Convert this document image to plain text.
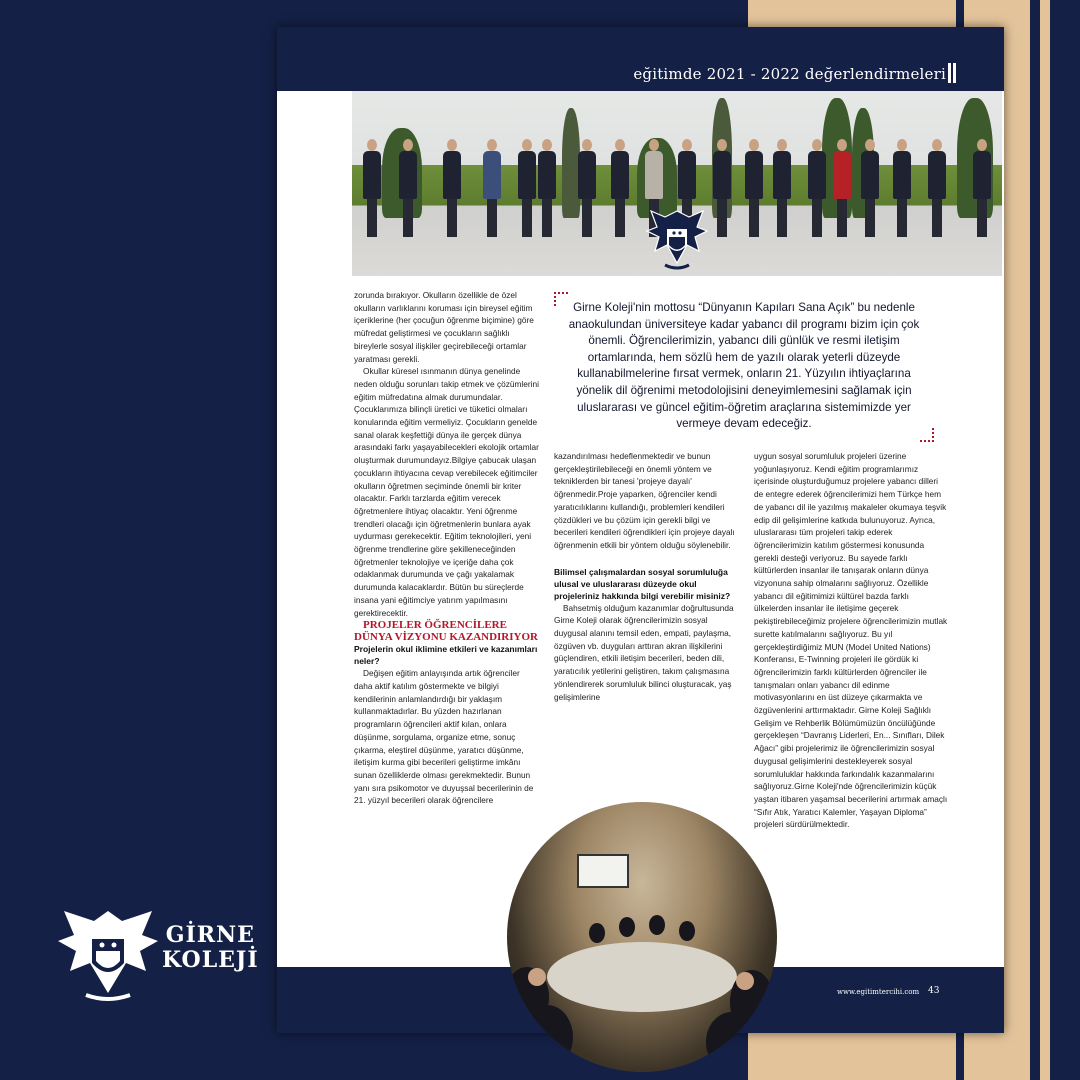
eğitimde 2021 - 2022 değerlendirmeleri
Girne Koleji'nin mottosu “Dünyanın Kapıları Sana Açık” bu nedenle anaokulundan üniversiteye kadar yabancı dil programı bizim için çok önemli. Öğrencilerimizin, yabancı dili günlük ve resmi iletişim ortamlarında, hem sözlü hem de yazılı olarak yeterli düzeyde kullanabilmelerine fırsat vermek, onların 21. Yüzyılın ihtiyaçlarına yönelik dil öğrenimi metodolojisini deneyimlemesini sağlamak için uluslararası ve güncel eğitim-öğretim araçlarına sistemimizde yer vermeye devam edeceğiz.

zorunda bırakıyor. Okulların özellikle de özel okulların varlıklarını koruması için bireysel eğitim içeriklerine (her çocuğun öğrenme biçimine) göre müfredat geliştirmesi ve çocukların sağlıklı bireylerle sosyal ilişkiler geçirebileceği ortamlar yaratması gerekli.

Okullar küresel ısınmanın dünya genelinde neden olduğu sorunları takip etmek ve çözümlerini eğitim müfredatına almak durumundalar. Çocuklarımıza bilinçli üretici ve tüketici olmaları konularında eğitim vermeliyiz. Çocukların genelde sanal olarak keşfettiği dünya ile gerçek dünya arasındaki farkı yaşayabilecekleri ekolojik ortamlar oluşturmak durumundayız.Bilgiye çabucak ulaşan çocukların ihtiyacına cevap verebilecek eğitimciler okulların öğretmen seçiminde önemli bir kriter olacaktır. Farklı tarzlarda eğitim verecek öğretmenlere ihtiyaç olacaktır. Yeni öğrenme trendleri olacağı için öğretmenlerin bunlara ayak uydurması gerekecektir. Eğitim teknolojileri, yeni öğrenme trendlerine göre şekilleneceğinden öğretmenler teknolojiye ve içeriğe daha çok odaklanmak durumunda ve çağı yakalamak durumunda kalacaklardır. Bütün bu süreçlerde insana yani eğitimciye yatırım yapılmasını gerektirecektir.

PROJELER ÖĞRENCİLERE DÜNYA VİZYONU KAZANDIRIYOR

Projelerin okul iklimine etkileri ve kazanımları neler?

Değişen eğitim anlayışında artık öğrenciler daha aktif katılım göstermekte ve bilgiyi kendilerinin anlamlandırdığı bir yaklaşım kullanmaktadırlar. Bu yüzden hazırlanan programların öğrencileri aktif kılan, onlara düşünme, sorgulama, organize etme, sonuç çıkarma, eleştirel düşünme, yaratıcı düşünme, iletişim kurma gibi becerileri geliştirme imkânı sunan özelliklerde olması gerekmektedir. Bunun yanı sıra psikomotor ve duyuşsal becerilerinin de 21. yüzyıl becerileri olarak öğrencilere

kazandırılması hedeflenmektedir ve bunun gerçekleştirilebileceği en önemli yöntem ve tekniklerden bir tanesi 'projeye dayalı' öğrenmedir.Proje yaparken, öğrenciler kendi yaratıcılıklarını kullandığı, problemleri kendileri çözdükleri ve bu çözüm için gerekli bilgi ve becerileri kendileri öğrendikleri için projeye dayalı öğrenmenin etkili bir yöntem olduğu söylenebilir.

Bilimsel çalışmalardan sosyal sorumluluğa ulusal ve uluslararası düzeyde okul projeleriniz hakkında bilgi verebilir misiniz?

Bahsetmiş olduğum kazanımlar doğrultusunda Girne Koleji olarak öğrencilerimizin sosyal duygusal alanını temsil eden, empati, paylaşma, özgüven vb. duyguları arttıran akran ilişkilerini güçlendiren, etkili iletişim becerileri, beden dili, yaratıcılık yetilerini geliştiren, takım çalışmasına yönlendirerek sorumluluk bilinci oluşturacak, yaş gelişimlerine

uygun sosyal sorumluluk projeleri üzerine yoğunlaşıyoruz. Kendi eğitim programlarımız içerisinde oluşturduğumuz projelere yabancı dilleri de entegre ederek öğrencilerimizi hem Türkçe hem de yabancı dil ile yazılmış makaleler okumaya teşvik edip dil gelişimlerine katkıda bulunuyoruz. Ayrıca, uluslararası tüm projeleri takip ederek öğrencilerimizin katılım göstermesi konusunda gerekli desteği veriyoruz. Bu sayede farklı kültürlerden insanlar ile tanışarak onların dünya vizyonuna sahip olmalarını sağlıyoruz. Özellikle yabancı dil eğitimimizi kültürel bazda farklı ülkelerden insanlar ile iletişime geçerek pekiştirebileceğimiz projelere öğrencilerimizin mutlak surette katılmalarını sağlıyoruz. Bu yıl gerçekleştirdiğimiz MUN (Model United Nations) Konferansı, E-Twinning projeleri ile gördük ki öğrencilerimizin farklı kültürlerden öğrenciler ile tanışmaları onları yabancı dil edinme motivasyonlarını en üst düzeye çıkarmakta ve özgüvenlerini arttırmaktadır. Girne Koleji Sağlıklı Gelişim ve Rehberlik Bölümümüzün öncülüğünde gerçekleşen “Davranış Liderleri, En... Sınıfları, Dilek Ağacı” gibi projelerimiz ile öğrencilerimizin sosyal duygusal gelişimlerini destekleyerek sosyal sorumluluklar hakkında farkındalık kazanmalarını sağlıyoruz.Girne Koleji'nde öğrencilerimizin küçük yaştan itibaren yaşamsal becerilerini artırmak amaçlı “Sıfır Atık, Yaratıcı Kalemler, Yaşayan Diploma” projeleri sürdürülmektedir.

www.egitimtercihi.com 43
GİRNE
KOLEJİ
